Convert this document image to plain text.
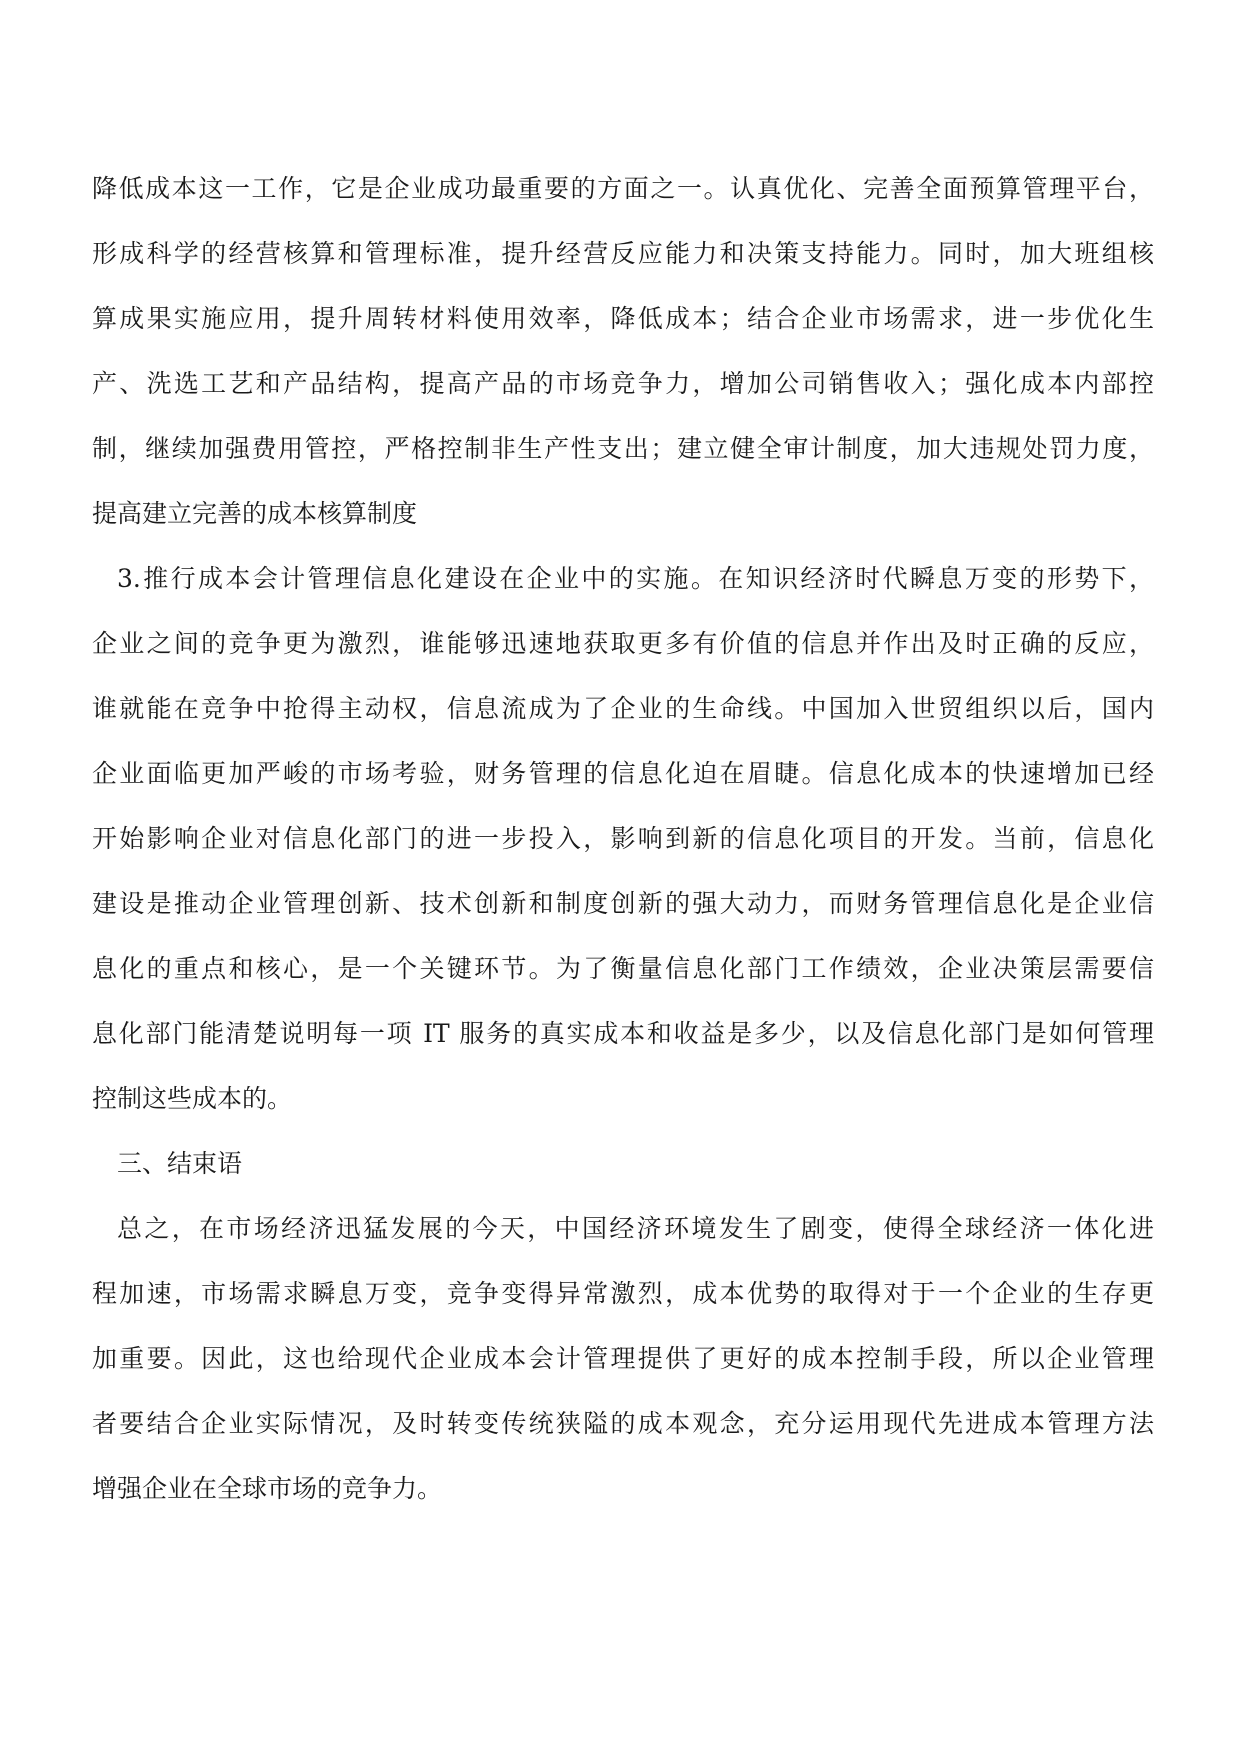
降低成本这一工作，它是企业成功最重要的方面之一。认真优化、完善全面预算管理平台，
形成科学的经营核算和管理标准，提升经营反应能力和决策支持能力。同时，加大班组核
算成果实施应用，提升周转材料使用效率，降低成本；结合企业市场需求，进一步优化生
产、洗选工艺和产品结构，提高产品的市场竞争力，增加公司销售收入；强化成本内部控
制，继续加强费用管控，严格控制非生产性支出；建立健全审计制度，加大违规处罚力度，
提高建立完善的成本核算制度
3.推行成本会计管理信息化建设在企业中的实施。在知识经济时代瞬息万变的形势下，
企业之间的竞争更为激烈，谁能够迅速地获取更多有价值的信息并作出及时正确的反应，
谁就能在竞争中抢得主动权，信息流成为了企业的生命线。中国加入世贸组织以后，国内
企业面临更加严峻的市场考验，财务管理的信息化迫在眉睫。信息化成本的快速增加已经
开始影响企业对信息化部门的进一步投入，影响到新的信息化项目的开发。当前，信息化
建设是推动企业管理创新、技术创新和制度创新的强大动力，而财务管理信息化是企业信
息化的重点和核心，是一个关键环节。为了衡量信息化部门工作绩效，企业决策层需要信
息化部门能清楚说明每一项 IT 服务的真实成本和收益是多少，以及信息化部门是如何管理
控制这些成本的。
三、结束语
总之，在市场经济迅猛发展的今天，中国经济环境发生了剧变，使得全球经济一体化进
程加速，市场需求瞬息万变，竞争变得异常激烈，成本优势的取得对于一个企业的生存更
加重要。因此，这也给现代企业成本会计管理提供了更好的成本控制手段，所以企业管理
者要结合企业实际情况，及时转变传统狭隘的成本观念，充分运用现代先进成本管理方法
增强企业在全球市场的竞争力。
